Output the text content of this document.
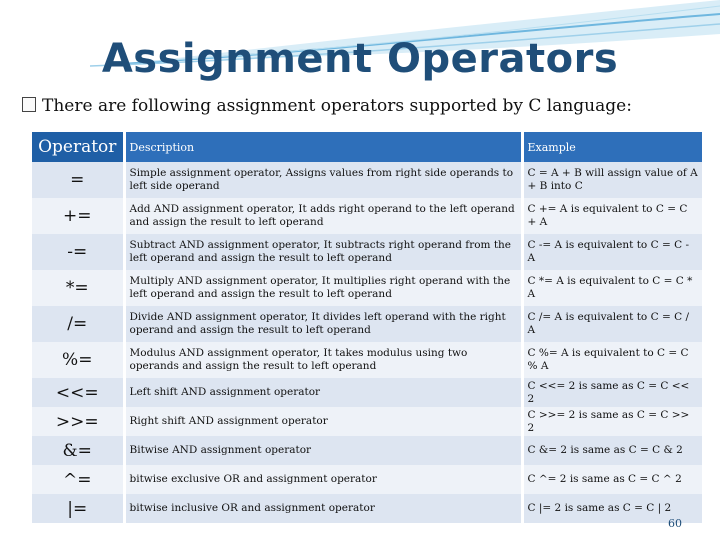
Assignment Operators
There are following assignment operators supported by C language:
Operator	Description	Example
=	Simple assignment operator, Assigns values from right side operands to left side operand	C = A + B will assign value of A + B into C
+=	Add AND assignment operator, It adds right operand to the left operand and assign the result to left operand	C += A is equivalent to C = C + A
-=	Subtract AND assignment operator, It subtracts right operand from the left operand and assign the result to left operand	C -= A is equivalent to C = C - A
*=	Multiply AND assignment operator, It multiplies right operand with the left operand and assign the result to left operand	C *= A is equivalent to C = C * A
/=	Divide AND assignment operator, It divides left operand with the right operand and assign the result to left operand	C /= A is equivalent to C = C / A
%=	Modulus AND assignment operator, It takes modulus using two operands and assign the result to left operand	C %= A is equivalent to C = C % A
<<=	Left shift AND assignment operator	C <<= 2 is same as C = C << 2
>>=	Right shift AND assignment operator	C >>= 2 is same as C = C >> 2
&=	Bitwise AND assignment operator	C &= 2 is same as C = C & 2
^=	bitwise exclusive OR and assignment operator	C ^= 2 is same as C = C ^ 2
|=	bitwise inclusive OR and assignment operator	C |= 2 is same as C = C | 2
60
